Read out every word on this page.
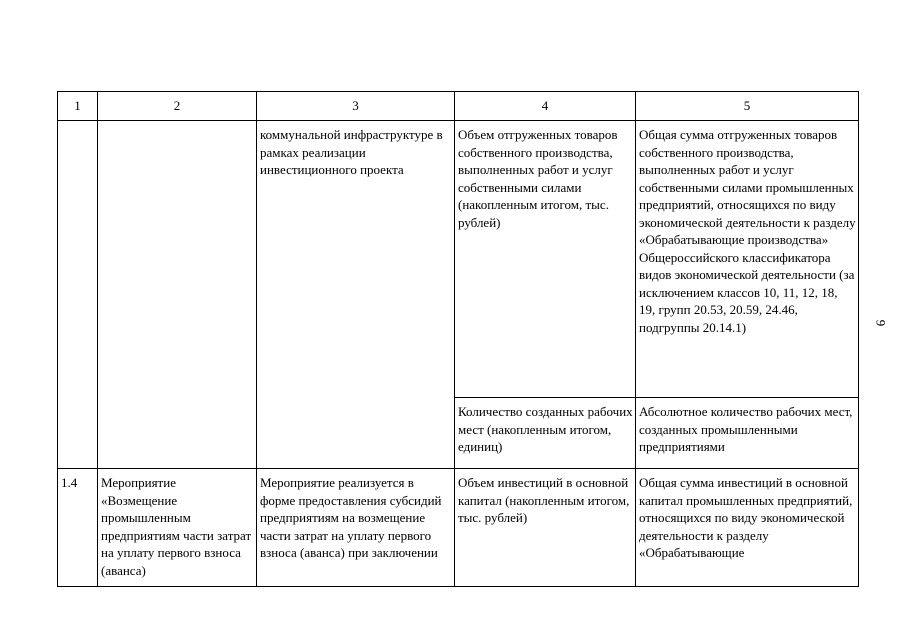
1	2	3	4	5
		коммунальной инфраструктуре в рамках реализации инвестиционного проекта	Объем отгруженных товаров собственного производства, выполненных работ и услуг собственными силами (накопленным итогом, тыс. рублей)	Общая сумма отгруженных товаров собственного производства, выполненных работ и услуг собственными силами промышленных предприятий, относящихся по виду экономической деятельности к разделу «Обрабатывающие производства» Общероссийского классификатора видов экономической деятельности (за исключением классов 10, 11, 12, 18, 19, групп 20.53, 20.59, 24.46, подгруппы 20.14.1)
			Количество созданных рабочих мест (накопленным итогом, единиц)	Абсолютное количество рабочих мест, созданных промышленными предприятиями
1.4	Мероприятие «Возмещение промышленным предприятиям части затрат на уплату первого взноса (аванса)	Мероприятие реализуется в форме предоставления субсидий предприятиям на возмещение части затрат на уплату первого взноса (аванса) при заключении	Объем инвестиций в основной капитал (накопленным итогом, тыс. рублей)	Общая сумма инвестиций в основной капитал промышленных предприятий, относящихся по виду экономической деятельности к разделу «Обрабатывающие
9
